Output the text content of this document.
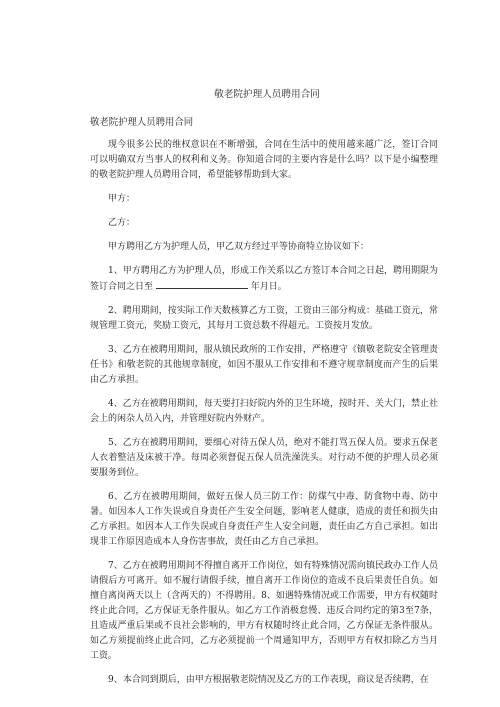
敬老院护理人员聘用合同
敬老院护理人员聘用合同

现今很多公民的维权意识在不断增强，合同在生活中的使用越来越广泛，签订合同可以明确双方当事人的权利和义务。你知道合同的主要内容是什么吗？以下是小编整理的敬老院护理人员聘用合同，希望能够帮助到大家。

甲方：

乙方：

甲方聘用乙方为护理人员，甲乙双方经过平等协商特立协议如下：

1、甲方聘用乙方为护理人员，形成工作关系以乙方签订本合同之日起，聘用期限为签订合同之日至	年月日。

2、聘用期间，按实际工作天数核算乙方工资，工资由三部分构成：基础工资元，常规管理工资元，奖励工资元，其每月工资总数不得超元。工资按月发放。

3、乙方在被聘用期间，服从镇民政所的工作安排，严格遵守《镇敬老院安全管理责任书》和敬老院的其他规章制度，如因不服从工作安排和不遵守规章制度而产生的后果由乙方承担。

4、乙方在被聘用期间，每天要打扫好院内外的卫生环境，按时开、关大门，禁止社会上的闲杂人员入内，并管理好院内外财产。

5、乙方在被聘用期间，要细心对待五保人员，绝对不能打骂五保人员。要求五保老人衣着整洁及床被干净。每周必须督促五保人员洗澡洗头。对行动不便的护理人员必须要服务到位。

6、乙方在被聘用期间，做好五保人员三防工作：防煤气中毒、防食物中毒、防中暑。如因本人工作失误或自身责任产生安全问题，影响老人健康，造成的责任和损失由乙方承担。如因本人工作失误或自身责任产生人安全问题，责任由乙方自己承担。如出现非工作原因造成本人身伤害事故，责任由乙方自己承担。

7、乙方在被聘用期间不得擅自离开工作岗位，如有特殊情况需向镇民政办工作人员请假后方可离开。如不履行请假手续，擅自离开工作岗位的造成不良后果责任自负。如擅自离岗两天以上（含两天的）不得聘用。8、如遇特殊情况或工作需要，甲方有权随时终止此合同，乙方保证无条件服从。如乙方工作消极怠慢、违反合同约定的第3至7条，且造成严重后果或不良社会影响的，甲方有权随时终止此合同，乙方保证无条件服从。如乙方须提前终止此合同，乙方必须提前一个周通知甲方，否则甲方有权扣除乙方当月工资。

9、本合同到期后，由甲方根据敬老院情况及乙方的工作表现，商议是否续聘，在
